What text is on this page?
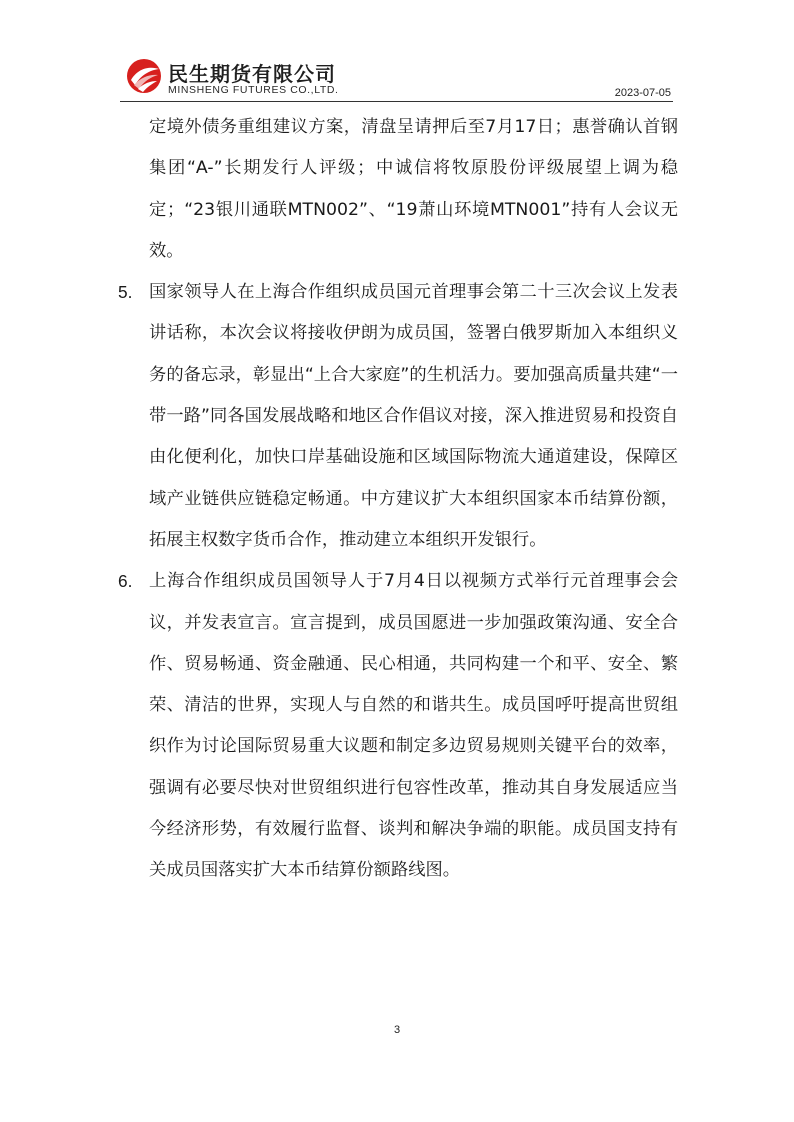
民生期货有限公司
MINSHENG FUTURES CO.,LTD.	2023-07-05

定境外债务重组建议方案，清盘呈请押后至7月17日；惠誉确认首钢集团“A-”长期发行人评级；中诚信将牧原股份评级展望上调为稳定；“23银川通联MTN002”、“19萧山环境MTN001”持有人会议无效。

5. 国家领导人在上海合作组织成员国元首理事会第二十三次会议上发表讲话称，本次会议将接收伊朗为成员国，签署白俄罗斯加入本组织义务的备忘录，彰显出“上合大家庭”的生机活力。要加强高质量共建“一带一路”同各国发展战略和地区合作倡议对接，深入推进贸易和投资自由化便利化，加快口岸基础设施和区域国际物流大通道建设，保障区域产业链供应链稳定畅通。中方建议扩大本组织国家本币结算份额，拓展主权数字货币合作，推动建立本组织开发银行。
6. 上海合作组织成员国领导人于7月4日以视频方式举行元首理事会会议，并发表宣言。宣言提到，成员国愿进一步加强政策沟通、安全合作、贸易畅通、资金融通、民心相通，共同构建一个和平、安全、繁荣、清洁的世界，实现人与自然的和谐共生。成员国呼吁提高世贸组织作为讨论国际贸易重大议题和制定多边贸易规则关键平台的效率，强调有必要尽快对世贸组织进行包容性改革，推动其自身发展适应当今经济形势，有效履行监督、谈判和解决争端的职能。成员国支持有关成员国落实扩大本币结算份额路线图。
3
